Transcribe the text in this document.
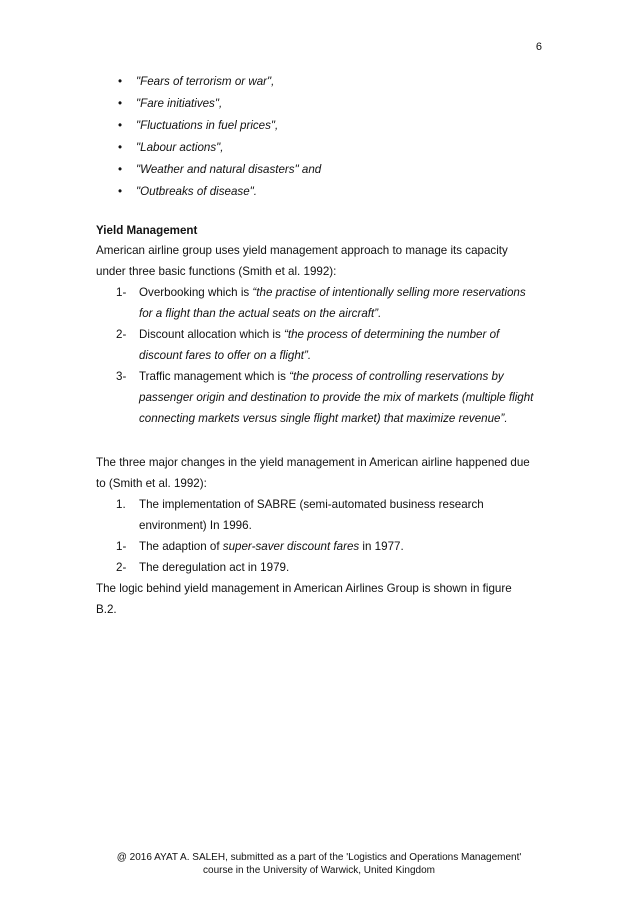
6
• "Fears of terrorism or war",
• "Fare initiatives",
• "Fluctuations in fuel prices",
• "Labour actions",
• "Weather and natural disasters" and
• "Outbreaks of disease".
Yield Management

American airline group uses yield management approach to manage its capacity
under three basic functions (Smith et al. 1992):

1- Overbooking which is “the practise of intentionally selling more reservations
for a flight than the actual seats on the aircraft”.
2- Discount allocation which is “the process of determining the number of
discount fares to offer on a flight”.
3- Traffic management which is “the process of controlling reservations by
passenger origin and destination to provide the mix of markets (multiple flight
connecting markets versus single flight market) that maximize revenue”.

The three major changes in the yield management in American airline happened due
to (Smith et al. 1992):

1. The implementation of SABRE (semi-automated business research
environment) In 1996.
1- The adaption of super-saver discount fares in 1977.
2- The deregulation act in 1979.

The logic behind yield management in American Airlines Group is shown in figure
B.2.

@ 2016 AYAT A. SALEH, submitted as a part of the 'Logistics and Operations Management'
course in the University of Warwick, United Kingdom
